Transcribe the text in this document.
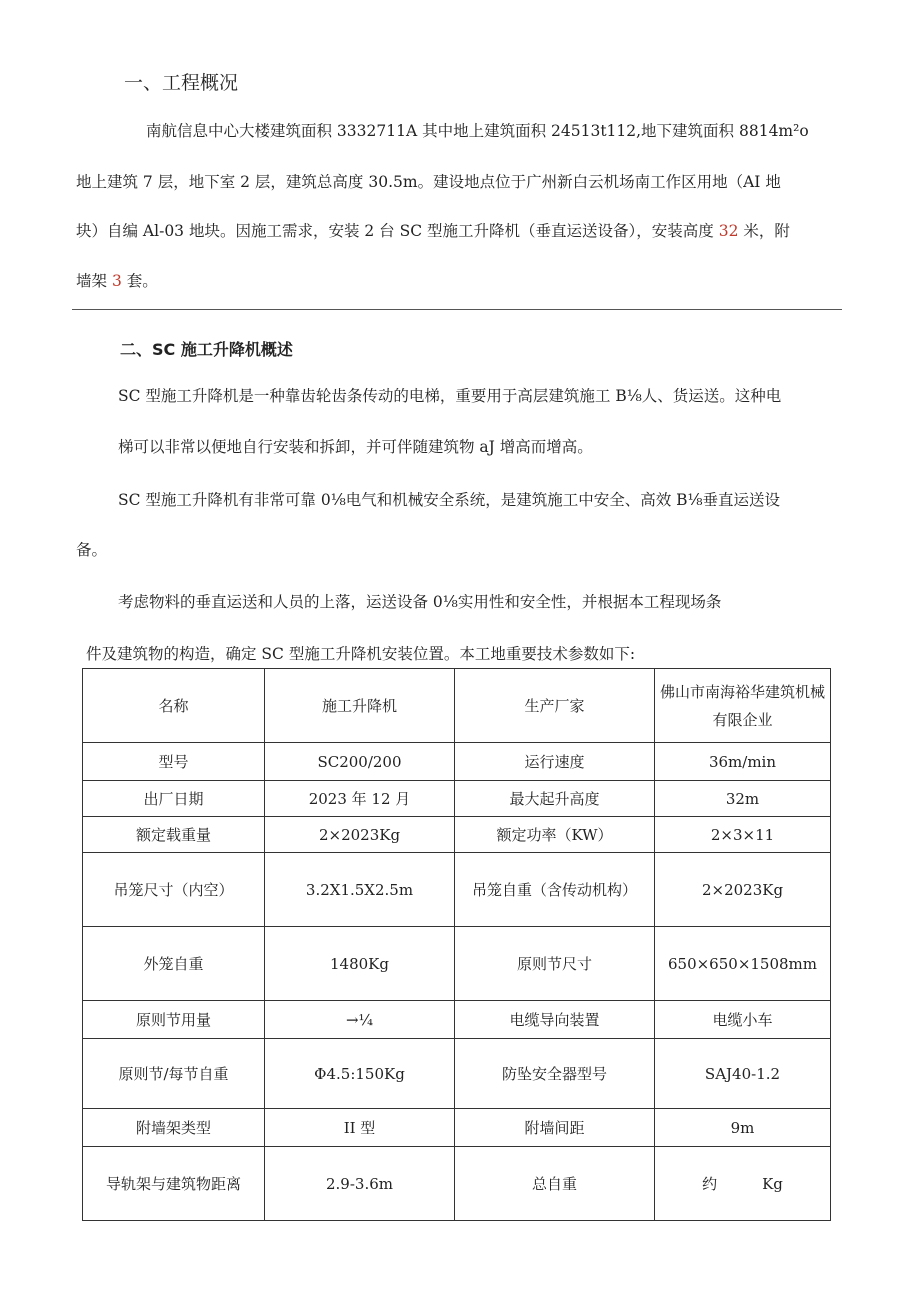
一、工程概况
南航信息中心大楼建筑面积 3332711A 其中地上建筑面积 24513t112,地下建筑面积 8814m²o
地上建筑 7 层，地下室 2 层，建筑总高度 30.5m。建设地点位于广州新白云机场南工作区用地（AI 地
块）自编 Al-03 地块。因施工需求，安装 2 台 SC 型施工升降机（垂直运送设备），安装高度 32 米，附
墙架 3 套。
二、SC 施工升降机概述
SC 型施工升降机是一种靠齿轮齿条传动的电梯，重要用于高层建筑施工 B⅛人、货运送。这种电
梯可以非常以便地自行安装和拆卸，并可伴随建筑物 aJ 增高而增高。
SC 型施工升降机有非常可靠 0⅛电气和机械安全系统，是建筑施工中安全、高效 B⅛垂直运送设
备。
考虑物料的垂直运送和人员的上落，运送设备 0⅛实用性和安全性，并根据本工程现场条
件及建筑物的构造，确定 SC 型施工升降机安装位置。本工地重要技术参数如下:
名称	施工升降机	生产厂家	佛山市南海裕华建筑机械有限企业
型号	SC200/200	运行速度	36m/min
出厂日期	2023 年 12 月	最大起升高度	32m
额定载重量	2×2023Kg	额定功率（KW）	2×3×11
吊笼尺寸（内空）	3.2X1.5X2.5m	吊笼自重（含传动机构）	2×2023Kg
外笼自重	1480Kg	原则节尺寸	650×650×1508mm
原则节用量	→¼	电缆导向装置	电缆小车
原则节/每节自重	Φ4.5:150Kg	防坠安全器型号	SAJ40-1.2
附墙架类型	II 型	附墙间距	9m
导轨架与建筑物距离	2.9-3.6m	总自重	约　　　Kg
